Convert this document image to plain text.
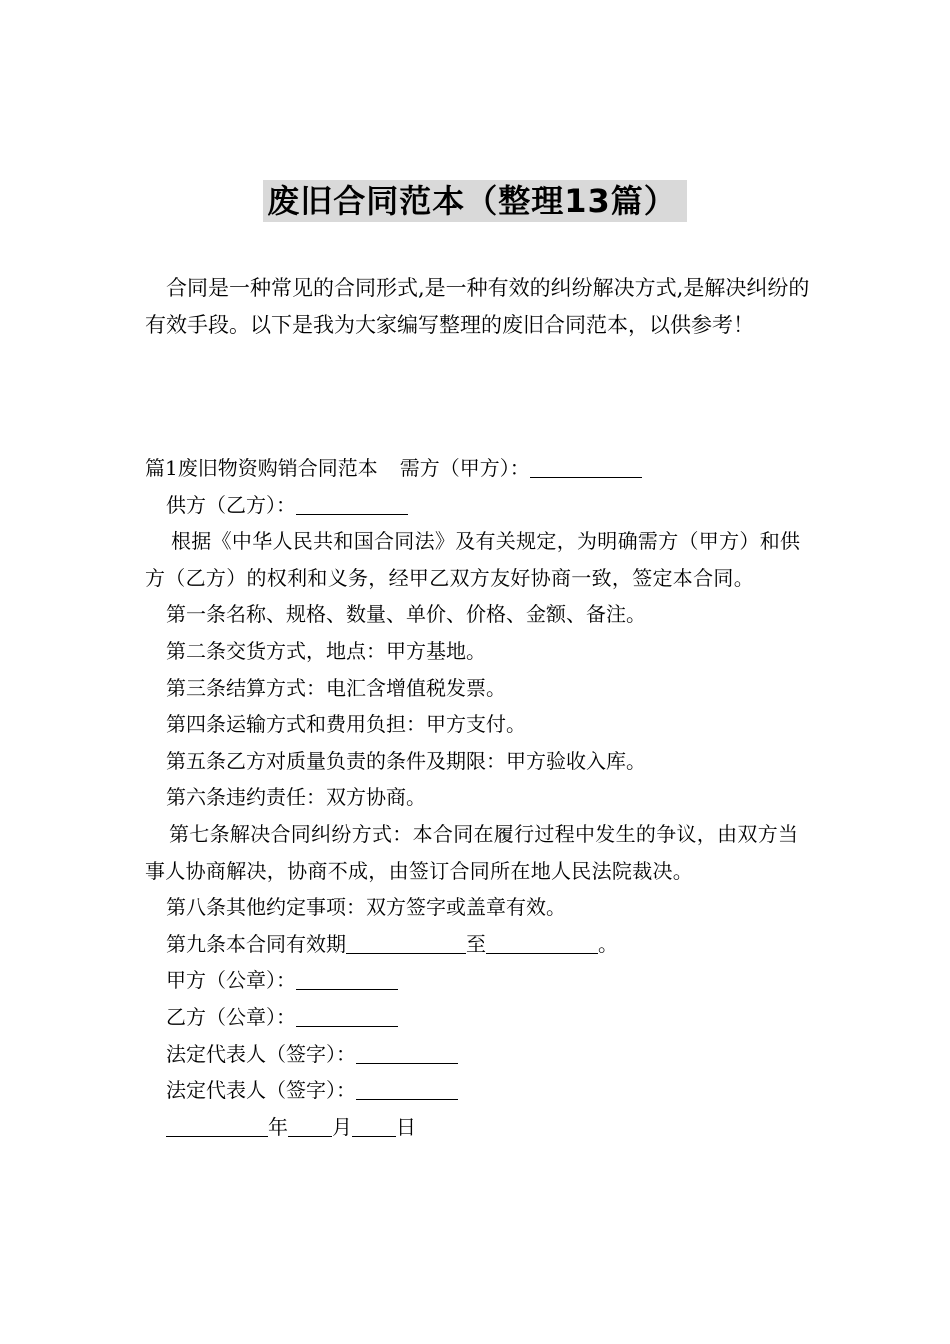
废旧合同范本（整理13篇）

合同是一种常见的合同形式,是一种有效的纠纷解决方式,是解决纠纷的有效手段。以下是我为大家编写整理的废旧合同范本，以供参考！

篇1废旧物资购销合同范本 需方（甲方）：

供方（乙方）：

根据《中华人民共和国合同法》及有关规定，为明确需方（甲方）和供方（乙方）的权利和义务，经甲乙双方友好协商一致，签定本合同。

第一条名称、规格、数量、单价、价格、金额、备注。

第二条交货方式，地点：甲方基地。

第三条结算方式：电汇含增值税发票。

第四条运输方式和费用负担：甲方支付。

第五条乙方对质量负责的条件及期限：甲方验收入库。

第六条违约责任：双方协商。

第七条解决合同纠纷方式：本合同在履行过程中发生的争议，由双方当事人协商解决，协商不成，由签订合同所在地人民法院裁决。

第八条其他约定事项：双方签字或盖章有效。

第九条本合同有效期	至	。

甲方（公章）：

乙方（公章）：

法定代表人（签字）：

法定代表人（签字）：

年 月 日
